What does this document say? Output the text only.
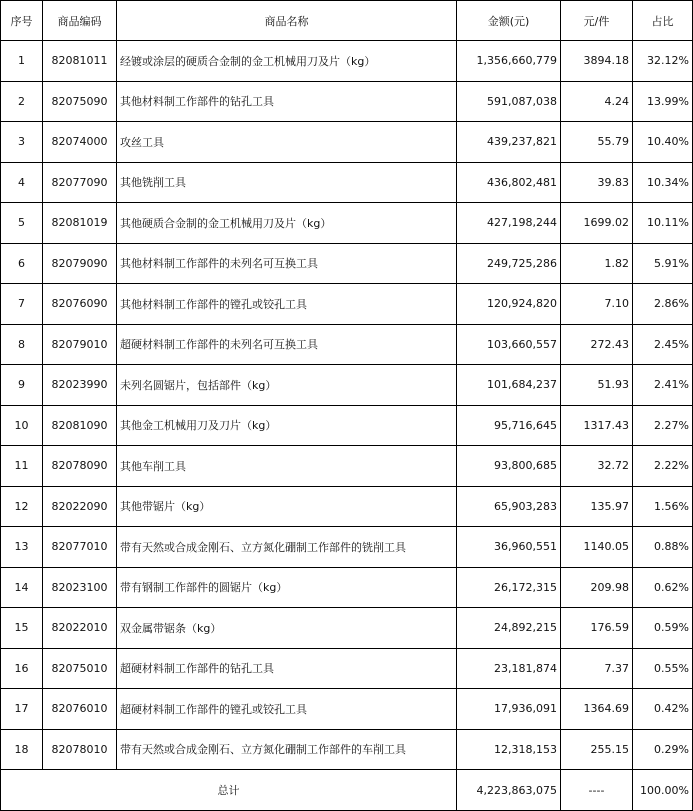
序号	商品编码	商品名称	金额(元)	元/件	占比
1	82081011	经镀或涂层的硬质合金制的金工机械用刀及片（kg）	1,356,660,779	3894.18	32.12%
2	82075090	其他材料制工作部件的钻孔工具	591,087,038	4.24	13.99%
3	82074000	攻丝工具	439,237,821	55.79	10.40%
4	82077090	其他铣削工具	436,802,481	39.83	10.34%
5	82081019	其他硬质合金制的金工机械用刀及片（kg）	427,198,244	1699.02	10.11%
6	82079090	其他材料制工作部件的未列名可互换工具	249,725,286	1.82	5.91%
7	82076090	其他材料制工作部件的镗孔或铰孔工具	120,924,820	7.10	2.86%
8	82079010	超硬材料制工作部件的未列名可互换工具	103,660,557	272.43	2.45%
9	82023990	未列名圆锯片，包括部件（kg）	101,684,237	51.93	2.41%
10	82081090	其他金工机械用刀及刀片（kg）	95,716,645	1317.43	2.27%
11	82078090	其他车削工具	93,800,685	32.72	2.22%
12	82022090	其他带锯片（kg）	65,903,283	135.97	1.56%
13	82077010	带有天然或合成金刚石、立方氮化硼制工作部件的铣削工具	36,960,551	1140.05	0.88%
14	82023100	带有钢制工作部件的圆锯片（kg）	26,172,315	209.98	0.62%
15	82022010	双金属带锯条（kg）	24,892,215	176.59	0.59%
16	82075010	超硬材料制工作部件的钻孔工具	23,181,874	7.37	0.55%
17	82076010	超硬材料制工作部件的镗孔或铰孔工具	17,936,091	1364.69	0.42%
18	82078010	带有天然或合成金刚石、立方氮化硼制工作部件的车削工具	12,318,153	255.15	0.29%
总计			4,223,863,075	----	100.00%
